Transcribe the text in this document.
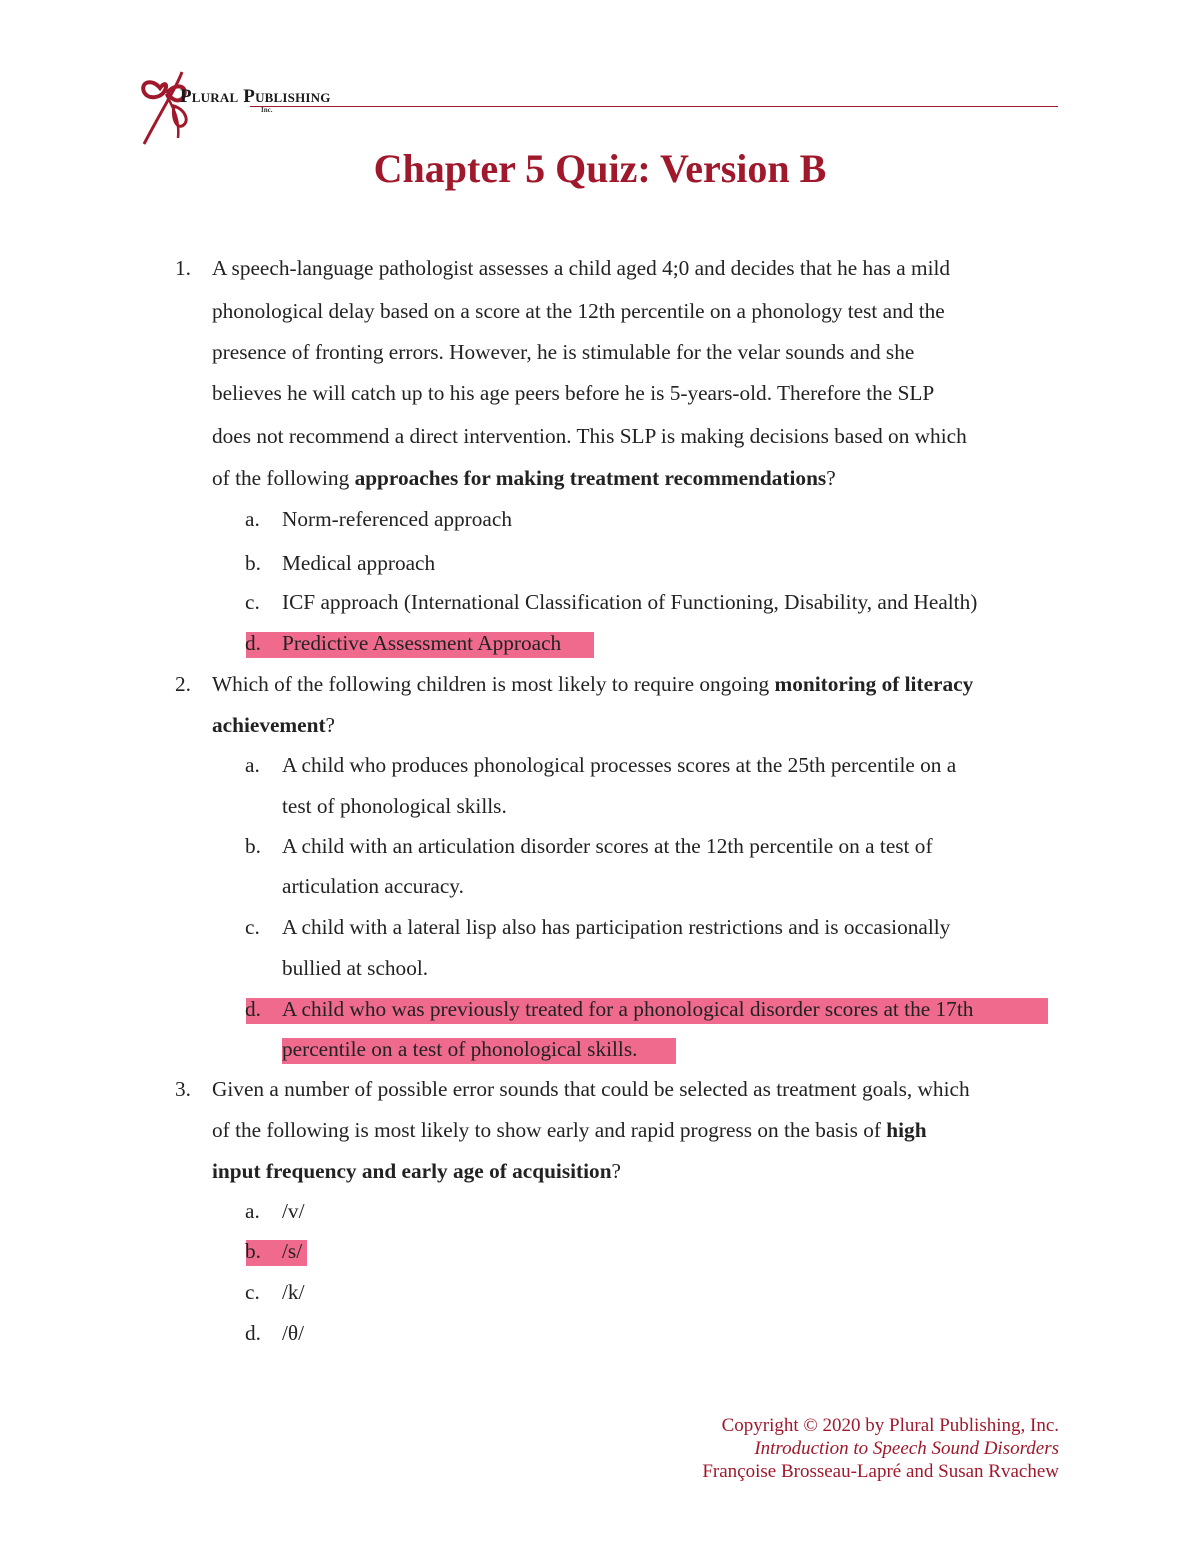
Plural Publishing
Inc.
Chapter 5 Quiz: Version B
1. A speech-language pathologist assesses a child aged 4;0 and decides that he has a mild
phonological delay based on a score at the 12th percentile on a phonology test and the
presence of fronting errors. However, he is stimulable for the velar sounds and she
believes he will catch up to his age peers before he is 5-years-old. Therefore the SLP
does not recommend a direct intervention. This SLP is making decisions based on which
of the following approaches for making treatment recommendations?
a. Norm-referenced approach
b. Medical approach
c. ICF approach (International Classification of Functioning, Disability, and Health)
d. Predictive Assessment Approach
2. Which of the following children is most likely to require ongoing monitoring of literacy
achievement?
a. A child who produces phonological processes scores at the 25th percentile on a
test of phonological skills.
b. A child with an articulation disorder scores at the 12th percentile on a test of
articulation accuracy.
c. A child with a lateral lisp also has participation restrictions and is occasionally
bullied at school.
d. A child who was previously treated for a phonological disorder scores at the 17th
percentile on a test of phonological skills.
3. Given a number of possible error sounds that could be selected as treatment goals, which
of the following is most likely to show early and rapid progress on the basis of high
input frequency and early age of acquisition?
a. /v/
b. /s/
c. /k/
d. /θ/
Copyright © 2020 by Plural Publishing, Inc.
Introduction to Speech Sound Disorders
Françoise Brosseau-Lapré and Susan Rvachew
